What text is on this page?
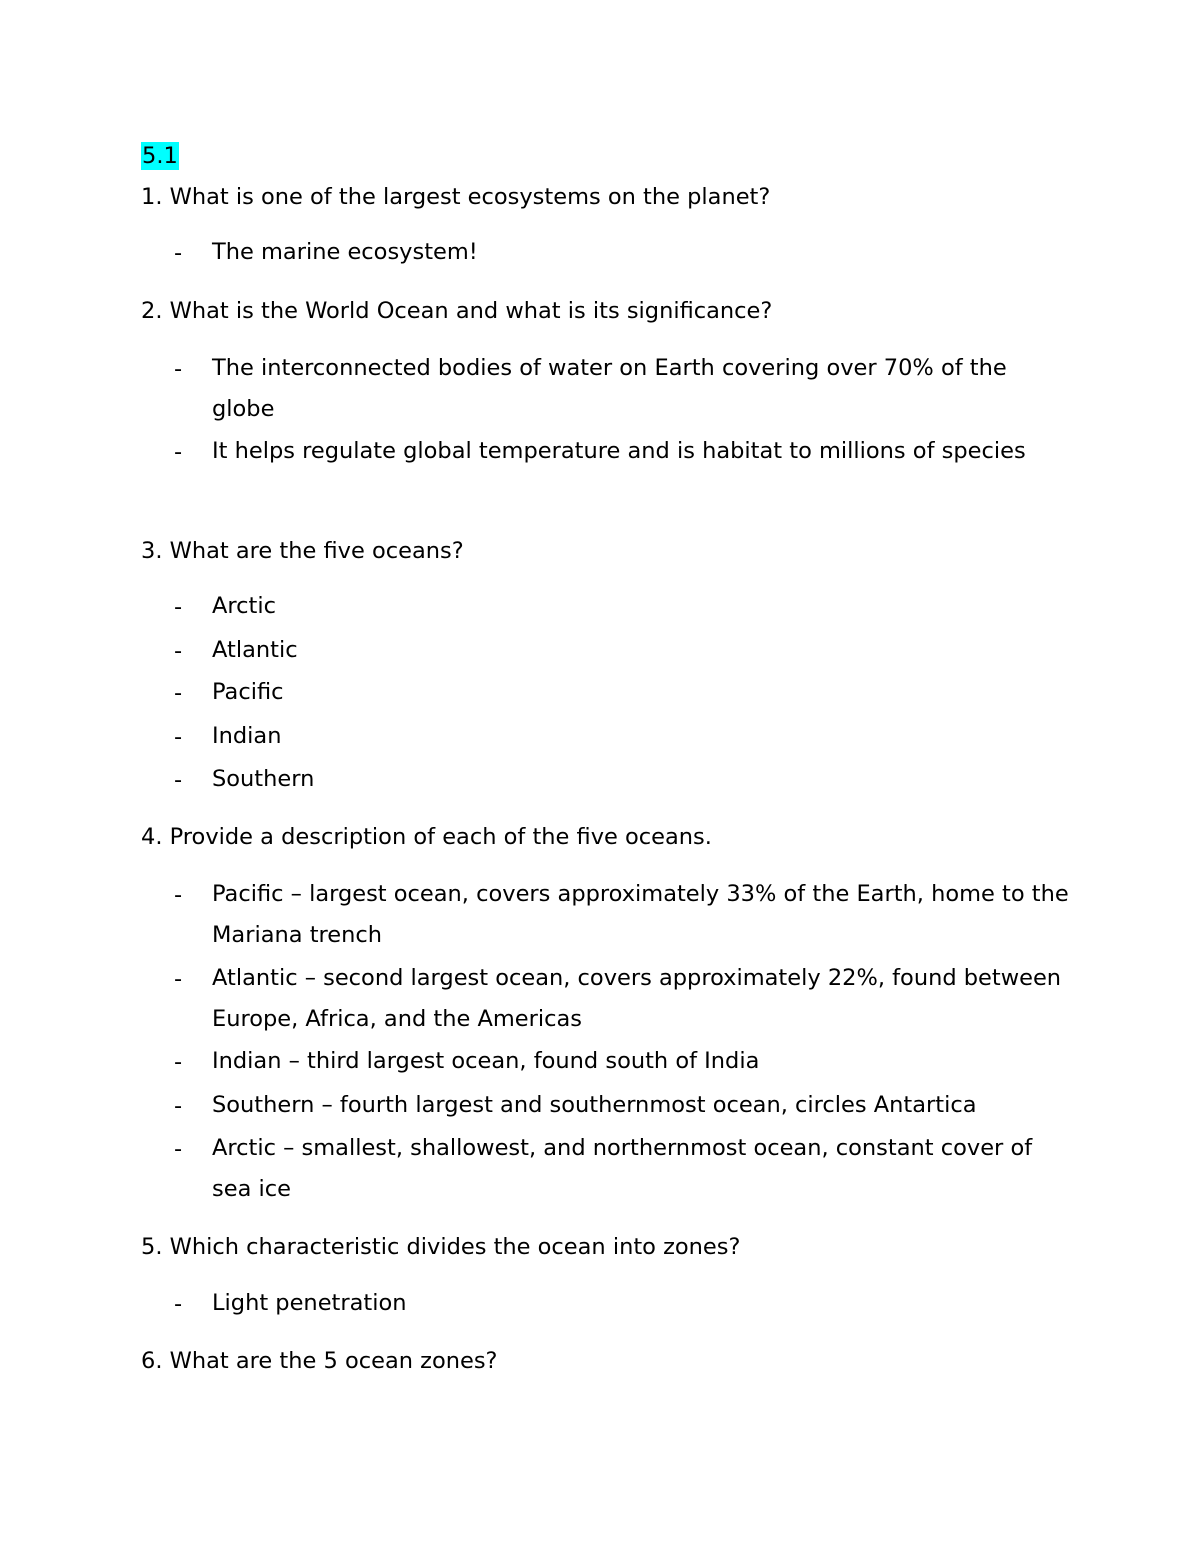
5.1
1. What is one of the largest ecosystems on the planet?
- The marine ecosystem!
2. What is the World Ocean and what is its significance?
- The interconnected bodies of water on Earth covering over 70% of the globe
- It helps regulate global temperature and is habitat to millions of species
3. What are the five oceans?
- Arctic
- Atlantic
- Pacific
- Indian
- Southern
4. Provide a description of each of the five oceans.
- Pacific – largest ocean, covers approximately 33% of the Earth, home to the Mariana trench
- Atlantic – second largest ocean, covers approximately 22%, found between Europe, Africa, and the Americas
- Indian – third largest ocean, found south of India
- Southern – fourth largest and southernmost ocean, circles Antartica
- Arctic – smallest, shallowest, and northernmost ocean, constant cover of sea ice
5. Which characteristic divides the ocean into zones?
- Light penetration
6. What are the 5 ocean zones?
